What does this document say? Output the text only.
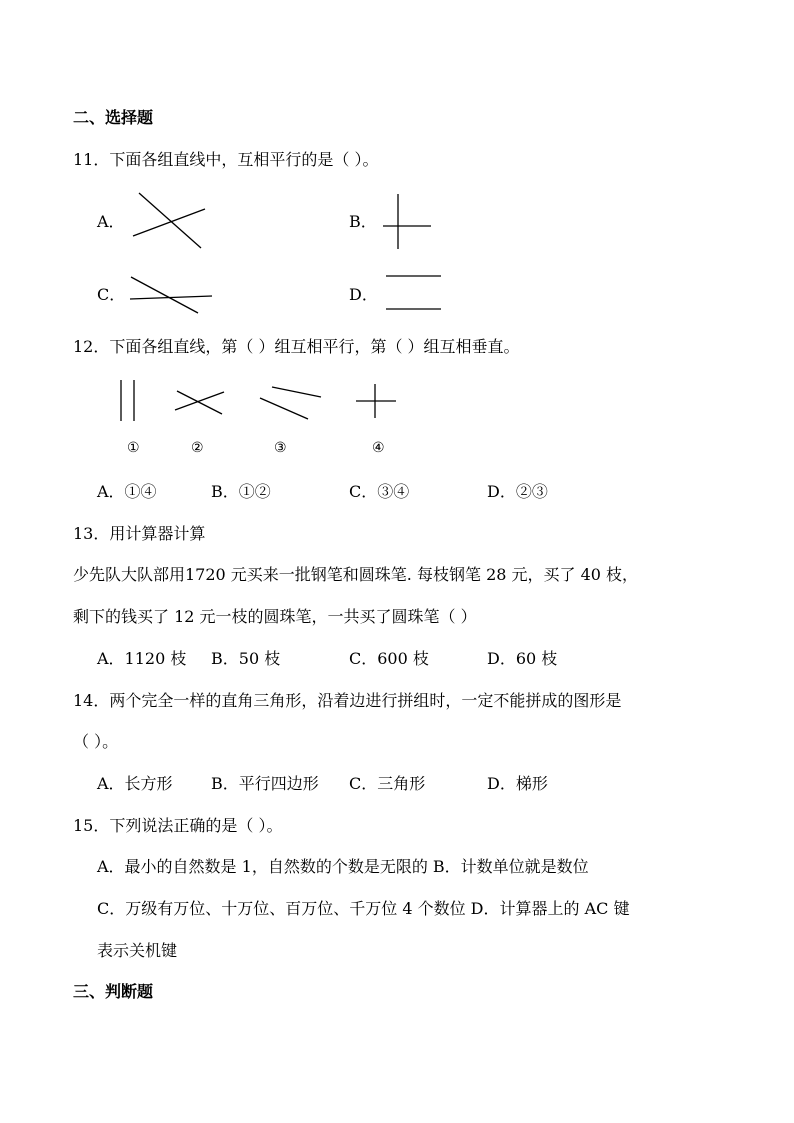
二、选择题
11．下面各组直线中，互相平行的是（ ）。
A．	B．
C．	D．
12．下面各组直线，第（ ）组互相平行，第（ ）组互相垂直。
①	②	③	④
A．①④	B．①②	C．③④	D．②③
13．用计算器计算
少先队大队部用1720 元买来一批钢笔和圆珠笔. 每枝钢笔 28 元，买了 40 枝，
剩下的钱买了 12 元一枝的圆珠笔，一共买了圆珠笔（ ）
A．1120 枝 B．50 枝	C．600 枝	D．60 枝
14．两个完全一样的直角三角形，沿着边进行拼组时，一定不能拼成的图形是
（ ）。
A．长方形 B．平行四边形 C．三角形	D．梯形
15．下列说法正确的是（ ）。
A．最小的自然数是 1，自然数的个数是无限的 B．计数单位就是数位
C．万级有万位、十万位、百万位、千万位 4 个数位 D．计算器上的 AC 键
表示关机键
三、判断题
